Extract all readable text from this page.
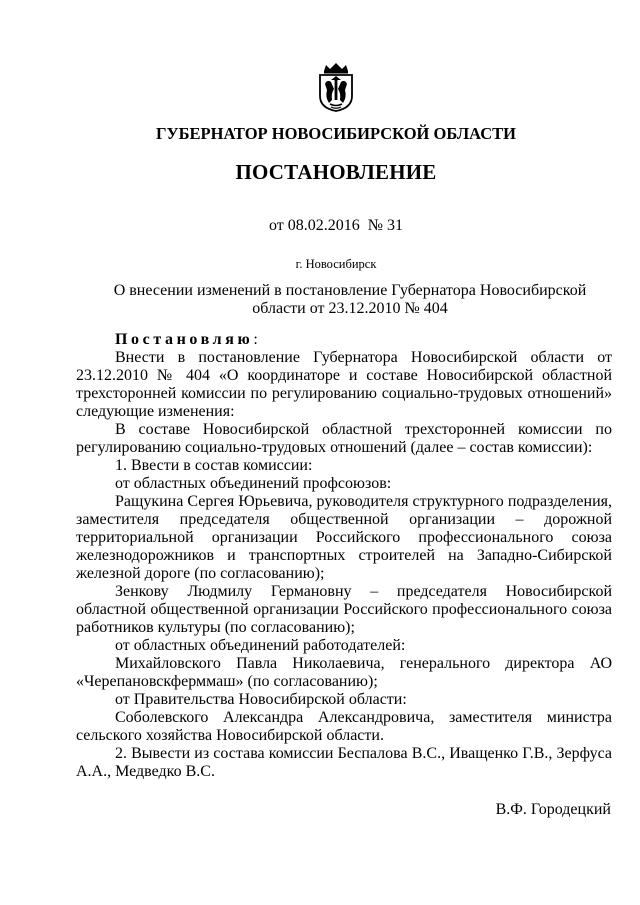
ГУБЕРНАТОР НОВОСИБИРСКОЙ ОБЛАСТИ
ПОСТАНОВЛЕНИЕ
от 08.02.2016  № 31
г. Новосибирск
О внесении изменений в постановление Губернатора Новосибирской области от 23.12.2010 № 404

Постановляю:

Внести в постановление Губернатора Новосибирской области от 23.12.2010 № 404 «О координаторе и составе Новосибирской областной трехсторонней комиссии по регулированию социально-трудовых отношений» следующие изменения:

В составе Новосибирской областной трехсторонней комиссии по регулированию социально-трудовых отношений (далее – состав комиссии):

1. Ввести в состав комиссии:

от областных объединений профсоюзов:

Ращукина Сергея Юрьевича, руководителя структурного подразделения, заместителя председателя общественной организации – дорожной территориальной организации Российского профессионального союза железнодорожников и транспортных строителей на Западно-Сибирской железной дороге (по согласованию);

Зенкову Людмилу Германовну – председателя Новосибирской областной общественной организации Российского профессионального союза работников культуры (по согласованию);

от областных объединений работодателей:

Михайловского Павла Николаевича, генерального директора АО «Черепановскферммаш» (по согласованию);

от Правительства Новосибирской области:

Соболевского Александра Александровича, заместителя министра сельского хозяйства Новосибирской области.

2. Вывести из состава комиссии Беспалова В.С., Иващенко Г.В., Зерфуса А.А., Медведко В.С.

В.Ф. Городецкий
